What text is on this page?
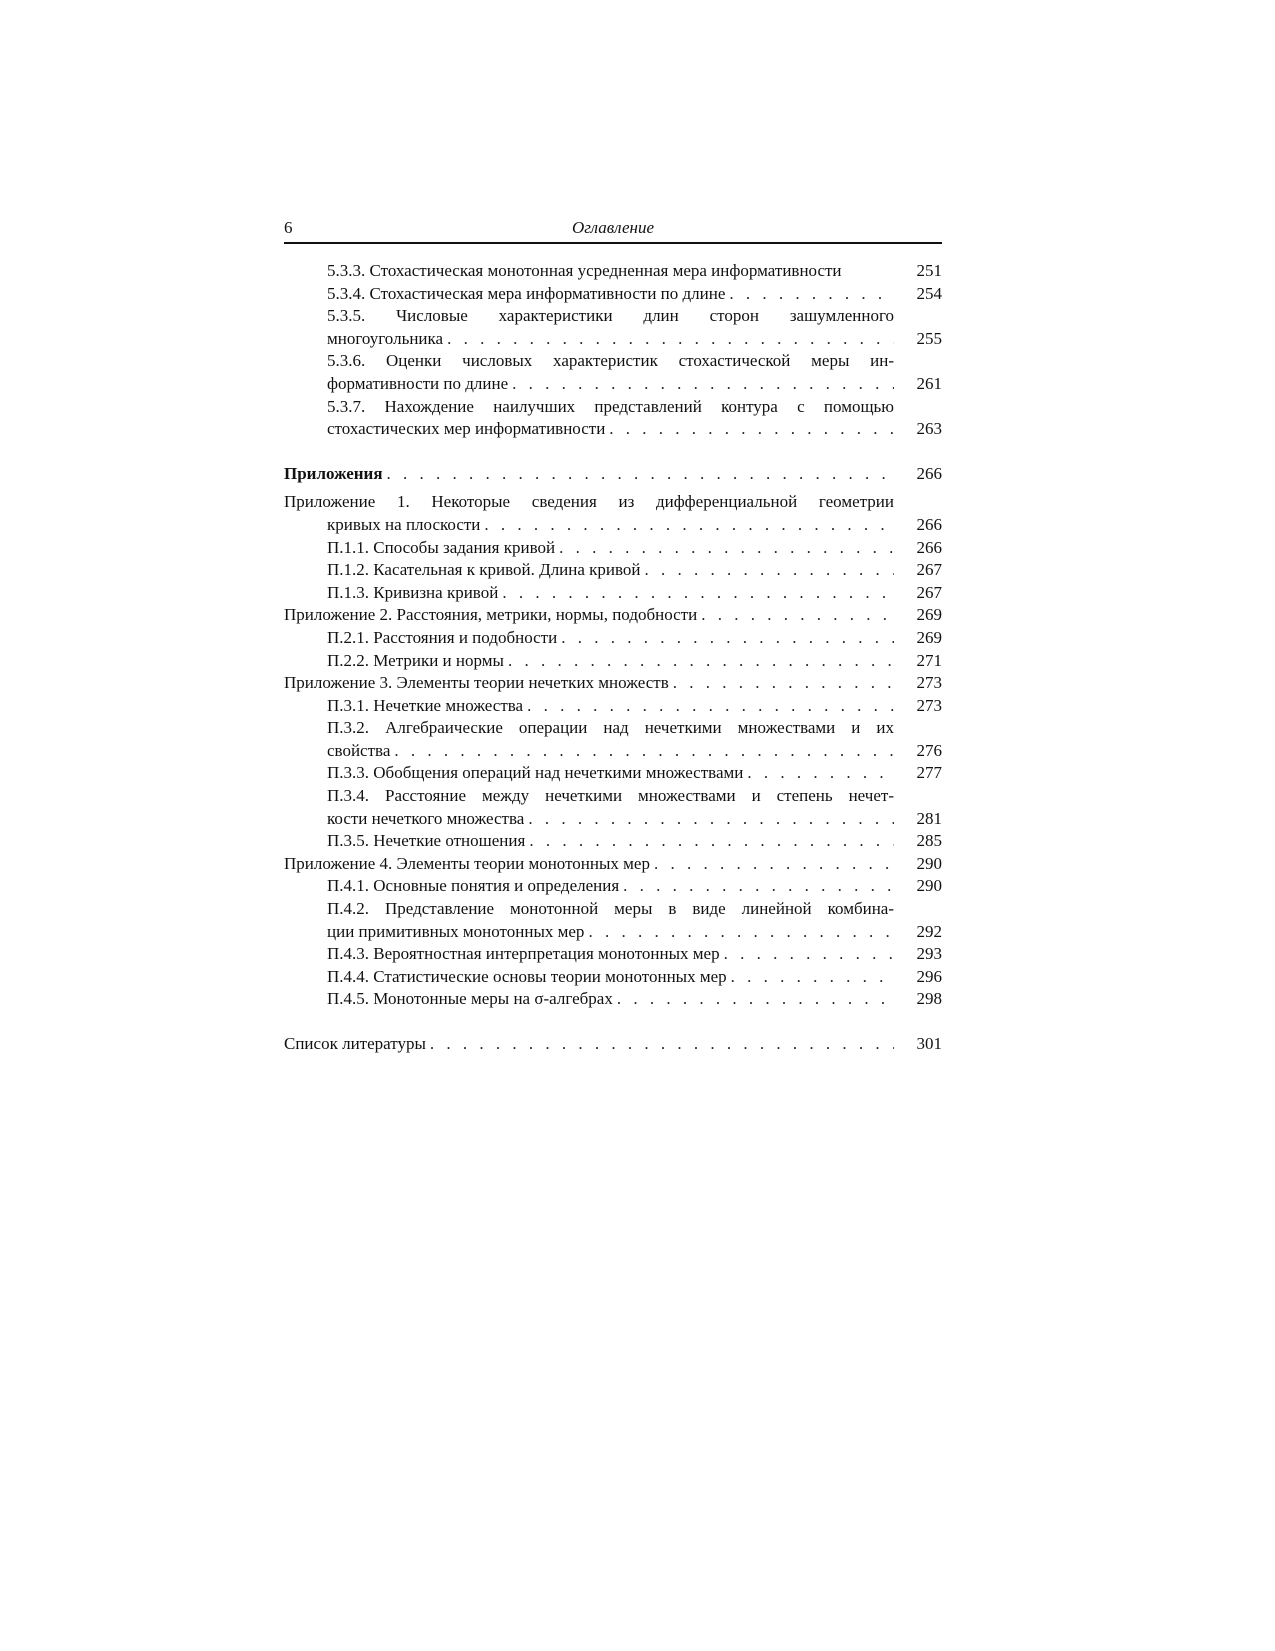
6	Оглавление
5.3.3. Стохастическая монотонная усредненная мера информативности	251
5.3.4. Стохастическая мера информативности по длине . . .	254
5.3.5. Числовые характеристики длин сторон зашумленного
многоугольника . . .	255
5.3.6. Оценки числовых характеристик стохастической меры ин-
формативности по длине . . .	261
5.3.7. Нахождение наилучших представлений контура с помощью
стохастических мер информативности . . .	263
Приложения . . .	266
Приложение 1. Некоторые сведения из дифференциальной геометрии
кривых на плоскости . . .	266
П.1.1. Способы задания кривой . . .	266
П.1.2. Касательная к кривой. Длина кривой . . .	267
П.1.3. Кривизна кривой . . .	267
Приложение 2. Расстояния, метрики, нормы, подобности . . .	269
П.2.1. Расстояния и подобности . . .	269
П.2.2. Метрики и нормы . . .	271
Приложение 3. Элементы теории нечетких множеств . . .	273
П.3.1. Нечеткие множества . . .	273
П.3.2. Алгебраические операции над нечеткими множествами и их
свойства . . .	276
П.3.3. Обобщения операций над нечеткими множествами . . .	277
П.3.4. Расстояние между нечеткими множествами и степень нечет-
кости нечеткого множества . . .	281
П.3.5. Нечеткие отношения . . .	285
Приложение 4. Элементы теории монотонных мер . . .	290
П.4.1. Основные понятия и определения . . .	290
П.4.2. Представление монотонной меры в виде линейной комбина-
ции примитивных монотонных мер . . .	292
П.4.3. Вероятностная интерпретация монотонных мер . . .	293
П.4.4. Статистические основы теории монотонных мер . . .	296
П.4.5. Монотонные меры на σ-алгебрах . . .	298
Список литературы . . .	301
